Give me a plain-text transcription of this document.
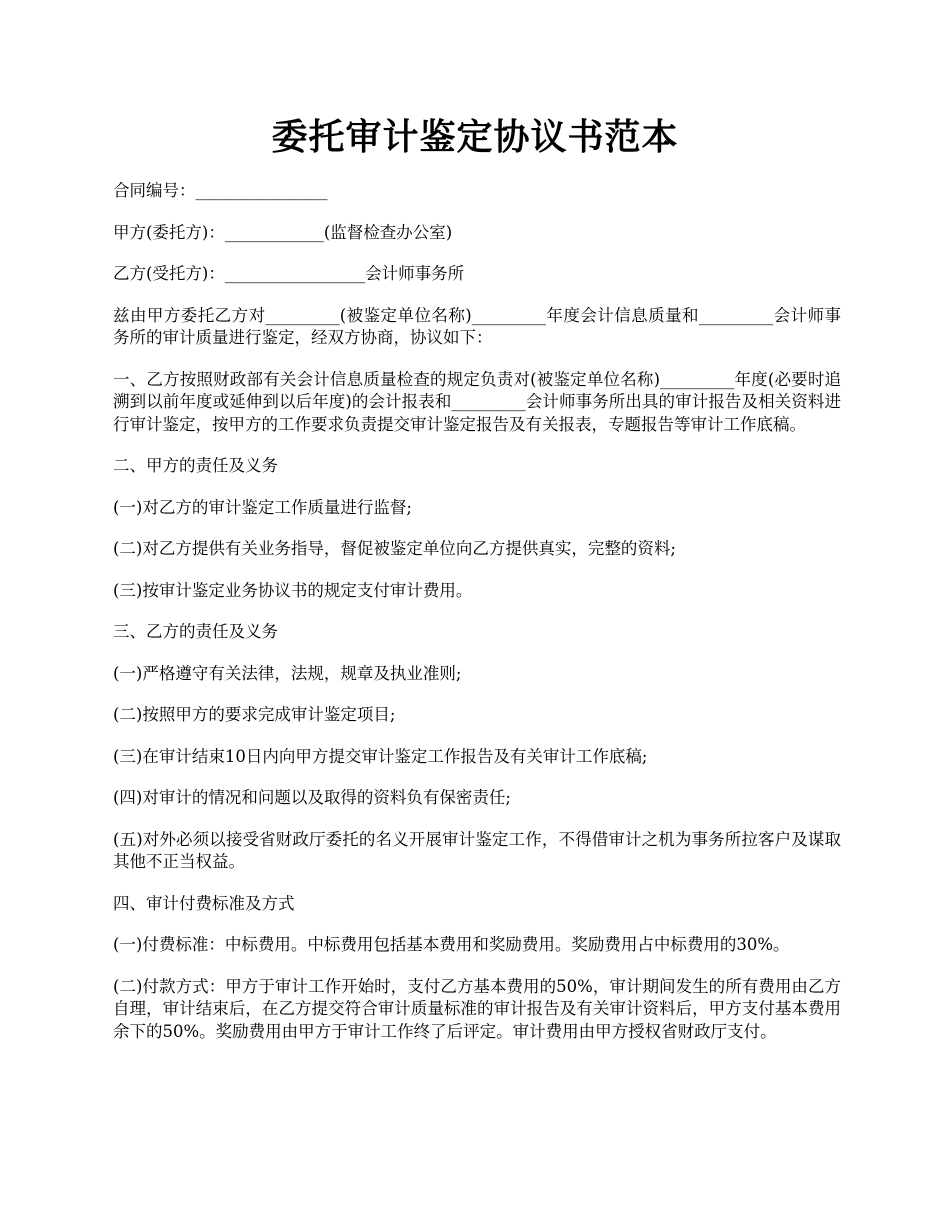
委托审计鉴定协议书范本

合同编号：________________

甲方(委托方)：____________(监督检查办公室)

乙方(受托方)：_________________会计师事务所

兹由甲方委托乙方对_________(被鉴定单位名称)_________年度会计信息质量和_________会计师事务所的审计质量进行鉴定，经双方协商，协议如下：

一、乙方按照财政部有关会计信息质量检查的规定负责对(被鉴定单位名称)_________年度(必要时追溯到以前年度或延伸到以后年度)的会计报表和_________会计师事务所出具的审计报告及相关资料进行审计鉴定，按甲方的工作要求负责提交审计鉴定报告及有关报表，专题报告等审计工作底稿。

二、甲方的责任及义务

(一)对乙方的审计鉴定工作质量进行监督;

(二)对乙方提供有关业务指导，督促被鉴定单位向乙方提供真实，完整的资料;

(三)按审计鉴定业务协议书的规定支付审计费用。

三、乙方的责任及义务

(一)严格遵守有关法律，法规，规章及执业准则;

(二)按照甲方的要求完成审计鉴定项目;

(三)在审计结束10日内向甲方提交审计鉴定工作报告及有关审计工作底稿;

(四)对审计的情况和问题以及取得的资料负有保密责任;

(五)对外必须以接受省财政厅委托的名义开展审计鉴定工作，不得借审计之机为事务所拉客户及谋取其他不正当权益。

四、审计付费标准及方式

(一)付费标准：中标费用。中标费用包括基本费用和奖励费用。奖励费用占中标费用的30%。

(二)付款方式：甲方于审计工作开始时，支付乙方基本费用的50%，审计期间发生的所有费用由乙方自理，审计结束后，在乙方提交符合审计质量标准的审计报告及有关审计资料后，甲方支付基本费用余下的50%。奖励费用由甲方于审计工作终了后评定。审计费用由甲方授权省财政厅支付。
